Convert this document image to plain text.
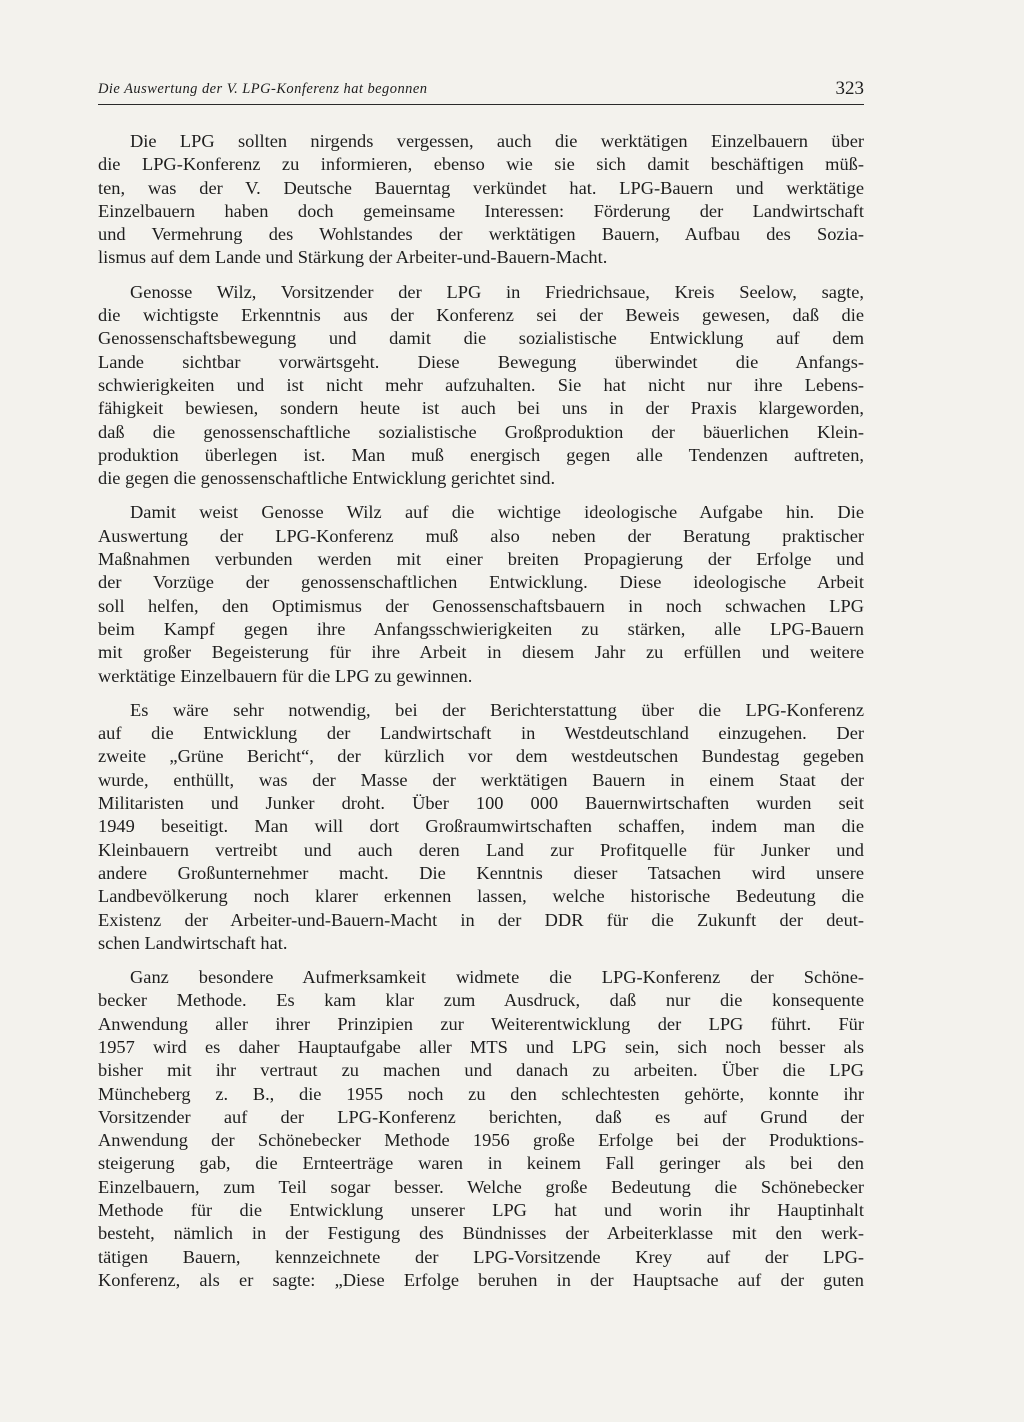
Die Auswertung der V. LPG-Konferenz hat begonnen	323

Die LPG sollten nirgends vergessen, auch die werktätigen Einzelbauern über
die LPG-Konferenz zu informieren, ebenso wie sie sich damit beschäftigen müß-
ten, was der V. Deutsche Bauerntag verkündet hat. LPG-Bauern und werktätige
Einzelbauern haben doch gemeinsame Interessen: Förderung der Landwirtschaft
und Vermehrung des Wohlstandes der werktätigen Bauern, Aufbau des Sozia-
lismus auf dem Lande und Stärkung der Arbeiter-und-Bauern-Macht.

Genosse Wilz, Vorsitzender der LPG in Friedrichsaue, Kreis Seelow, sagte,
die wichtigste Erkenntnis aus der Konferenz sei der Beweis gewesen, daß die
Genossenschaftsbewegung und damit die sozialistische Entwicklung auf dem
Lande sichtbar vorwärtsgeht. Diese Bewegung überwindet die Anfangs-
schwierigkeiten und ist nicht mehr aufzuhalten. Sie hat nicht nur ihre Lebens-
fähigkeit bewiesen, sondern heute ist auch bei uns in der Praxis klargeworden,
daß die genossenschaftliche sozialistische Großproduktion der bäuerlichen Klein-
produktion überlegen ist. Man muß energisch gegen alle Tendenzen auftreten,
die gegen die genossenschaftliche Entwicklung gerichtet sind.

Damit weist Genosse Wilz auf die wichtige ideologische Aufgabe hin. Die
Auswertung der LPG-Konferenz muß also neben der Beratung praktischer
Maßnahmen verbunden werden mit einer breiten Propagierung der Erfolge und
der Vorzüge der genossenschaftlichen Entwicklung. Diese ideologische Arbeit
soll helfen, den Optimismus der Genossenschaftsbauern in noch schwachen LPG
beim Kampf gegen ihre Anfangsschwierigkeiten zu stärken, alle LPG-Bauern
mit großer Begeisterung für ihre Arbeit in diesem Jahr zu erfüllen und weitere
werktätige Einzelbauern für die LPG zu gewinnen.

Es wäre sehr notwendig, bei der Berichterstattung über die LPG-Konferenz
auf die Entwicklung der Landwirtschaft in Westdeutschland einzugehen. Der
zweite „Grüne Bericht“, der kürzlich vor dem westdeutschen Bundestag gegeben
wurde, enthüllt, was der Masse der werktätigen Bauern in einem Staat der
Militaristen und Junker droht. Über 100 000 Bauernwirtschaften wurden seit
1949 beseitigt. Man will dort Großraumwirtschaften schaffen, indem man die
Kleinbauern vertreibt und auch deren Land zur Profitquelle für Junker und
andere Großunternehmer macht. Die Kenntnis dieser Tatsachen wird unsere
Landbevölkerung noch klarer erkennen lassen, welche historische Bedeutung die
Existenz der Arbeiter-und-Bauern-Macht in der DDR für die Zukunft der deut-
schen Landwirtschaft hat.

Ganz besondere Aufmerksamkeit widmete die LPG-Konferenz der Schöne-
becker Methode. Es kam klar zum Ausdruck, daß nur die konsequente
Anwendung aller ihrer Prinzipien zur Weiterentwicklung der LPG führt. Für
1957 wird es daher Hauptaufgabe aller MTS und LPG sein, sich noch besser als
bisher mit ihr vertraut zu machen und danach zu arbeiten. Über die LPG
Müncheberg z. B., die 1955 noch zu den schlechtesten gehörte, konnte ihr
Vorsitzender auf der LPG-Konferenz berichten, daß es auf Grund der
Anwendung der Schönebecker Methode 1956 große Erfolge bei der Produktions-
steigerung gab, die Ernteerträge waren in keinem Fall geringer als bei den
Einzelbauern, zum Teil sogar besser. Welche große Bedeutung die Schönebecker
Methode für die Entwicklung unserer LPG hat und worin ihr Hauptinhalt
besteht, nämlich in der Festigung des Bündnisses der Arbeiterklasse mit den werk-
tätigen Bauern, kennzeichnete der LPG-Vorsitzende Krey auf der LPG-
Konferenz, als er sagte: „Diese Erfolge beruhen in der Hauptsache auf der guten
